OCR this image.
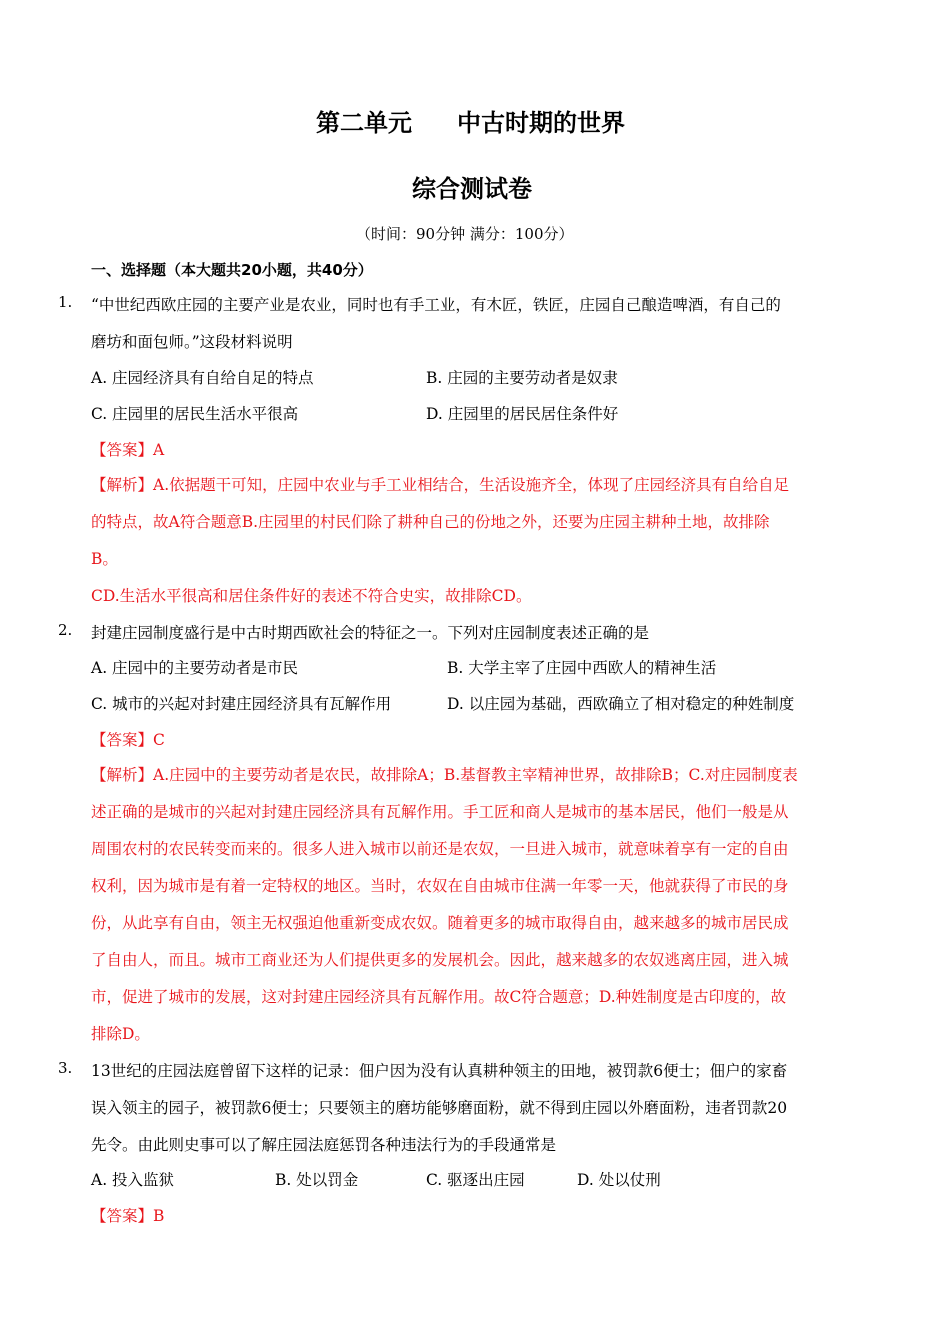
第二单元 中古时期的世界
综合测试卷
（时间：90分钟 满分：100分）
一、选择题（本大题共20小题，共40分）
1. “中世纪西欧庄园的主要产业是农业，同时也有手工业，有木匠，铁匠，庄园自己酿造啤酒，有自己的
磨坊和面包师。”这段材料说明
A. 庄园经济具有自给自足的特点	B. 庄园的主要劳动者是奴隶
C. 庄园里的居民生活水平很高	D. 庄园里的居民居住条件好
【答案】A
【解析】A.依据题干可知，庄园中农业与手工业相结合，生活设施齐全，体现了庄园经济具有自给自足
的特点，故A符合题意B.庄园里的村民们除了耕种自己的份地之外，还要为庄园主耕种土地，故排除
B。
CD.生活水平很高和居住条件好的表述不符合史实，故排除CD。
2. 封建庄园制度盛行是中古时期西欧社会的特征之一。下列对庄园制度表述正确的是
A. 庄园中的主要劳动者是市民	B. 大学主宰了庄园中西欧人的精神生活
C. 城市的兴起对封建庄园经济具有瓦解作用	D. 以庄园为基础，西欧确立了相对稳定的种姓制度
【答案】C
【解析】A.庄园中的主要劳动者是农民，故排除A；B.基督教主宰精神世界，故排除B；C.对庄园制度表
述正确的是城市的兴起对封建庄园经济具有瓦解作用。手工匠和商人是城市的基本居民，他们一般是从
周围农村的农民转变而来的。很多人进入城市以前还是农奴，一旦进入城市，就意味着享有一定的自由
权利，因为城市是有着一定特权的地区。当时，农奴在自由城市住满一年零一天，他就获得了市民的身
份，从此享有自由，领主无权强迫他重新变成农奴。随着更多的城市取得自由，越来越多的城市居民成
了自由人，而且。城市工商业还为人们提供更多的发展机会。因此，越来越多的农奴逃离庄园，进入城
市，促进了城市的发展，这对封建庄园经济具有瓦解作用。故C符合题意；D.种姓制度是古印度的，故
排除D。
3. 13世纪的庄园法庭曾留下这样的记录：佃户因为没有认真耕种领主的田地，被罚款6便士；佃户的家畜
误入领主的园子，被罚款6便士；只要领主的磨坊能够磨面粉，就不得到庄园以外磨面粉，违者罚款20
先令。由此则史事可以了解庄园法庭惩罚各种违法行为的手段通常是
A. 投入监狱	B. 处以罚金	C. 驱逐出庄园	D. 处以仗刑
【答案】B
